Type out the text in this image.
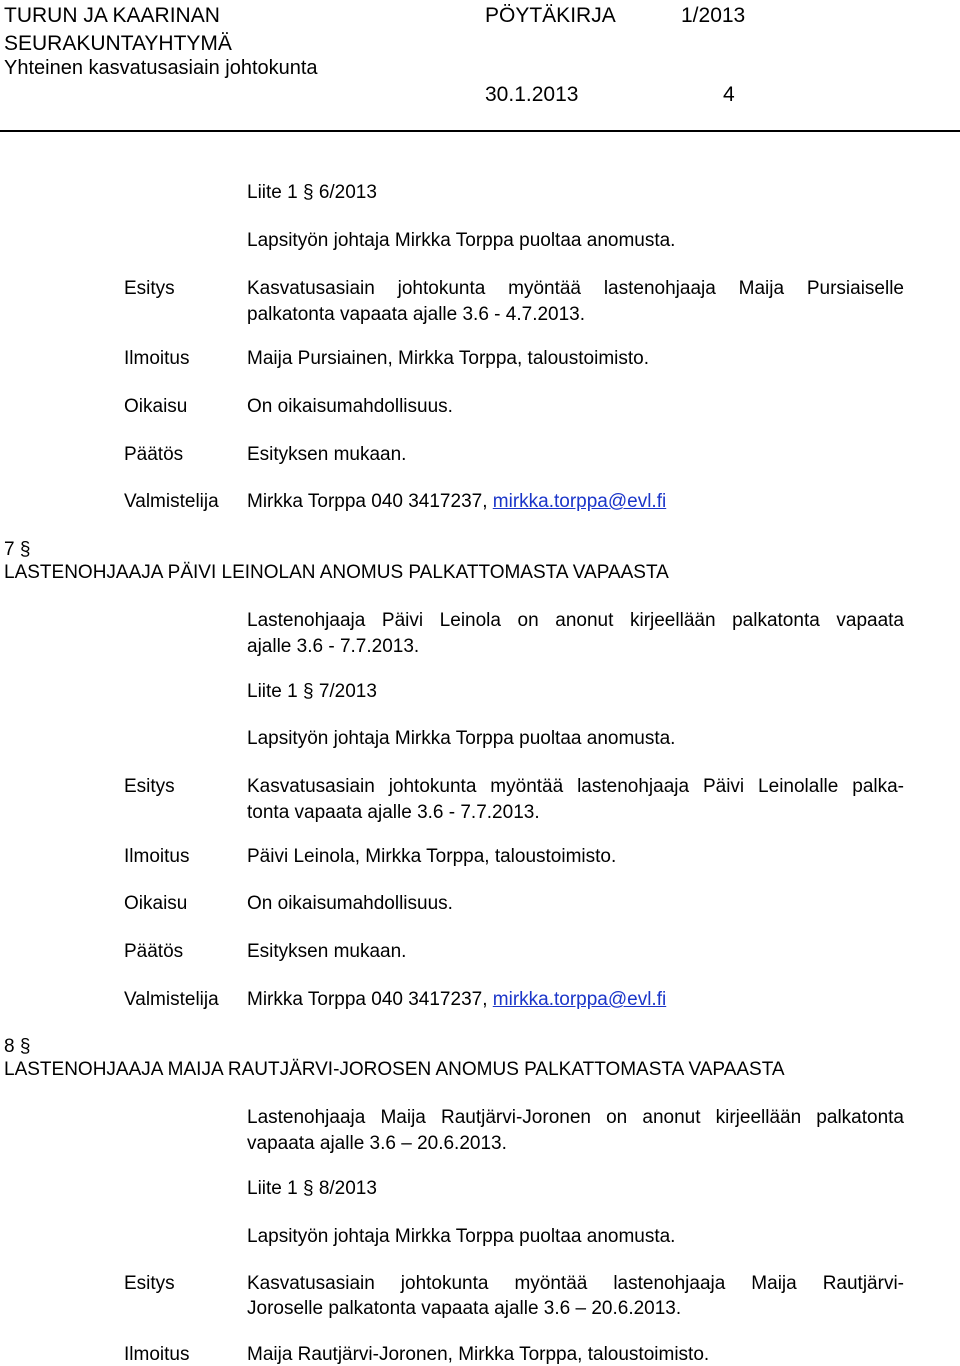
TURUN JA KAARINAN
SEURAKUNTAYHTYMÄ
Yhteinen kasvatusasiain johtokunta
PÖYTÄKIRJA	1/2013
30.1.2013	4
Liite 1 § 6/2013
Lapsityön johtaja Mirkka Torppa puoltaa anomusta.
Esitys	Kasvatusasiain johtokunta myöntää lastenohjaaja Maija Pursiaiselle
palkatonta vapaata ajalle 3.6 - 4.7.2013.
Ilmoitus	Maija Pursiainen, Mirkka Torppa, taloustoimisto.
Oikaisu	On oikaisumahdollisuus.
Päätös	Esityksen mukaan.
Valmistelija Mirkka Torppa 040 3417237, mirkka.torppa@evl.fi
7 §
LASTENOHJAAJA PÄIVI LEINOLAN ANOMUS PALKATTOMASTA VAPAASTA
Lastenohjaaja Päivi Leinola on anonut kirjeellään palkatonta vapaata
ajalle 3.6 - 7.7.2013.
Liite 1 § 7/2013
Lapsityön johtaja Mirkka Torppa puoltaa anomusta.
Esitys	Kasvatusasiain johtokunta myöntää lastenohjaaja Päivi Leinolalle palka-
tonta vapaata ajalle 3.6 - 7.7.2013.
Ilmoitus	Päivi Leinola, Mirkka Torppa, taloustoimisto.
Oikaisu	On oikaisumahdollisuus.
Päätös	Esityksen mukaan.
Valmistelija Mirkka Torppa 040 3417237, mirkka.torppa@evl.fi
8 §
LASTENOHJAAJA MAIJA RAUTJÄRVI-JOROSEN ANOMUS PALKATTOMASTA VAPAASTA
Lastenohjaaja Maija Rautjärvi-Joronen on anonut kirjeellään palkatonta
vapaata ajalle 3.6 – 20.6.2013.
Liite 1 § 8/2013
Lapsityön johtaja Mirkka Torppa puoltaa anomusta.
Esitys	Kasvatusasiain johtokunta myöntää lastenohjaaja Maija Rautjärvi-
Joroselle palkatonta vapaata ajalle 3.6 – 20.6.2013.
Ilmoitus	Maija Rautjärvi-Joronen, Mirkka Torppa, taloustoimisto.
